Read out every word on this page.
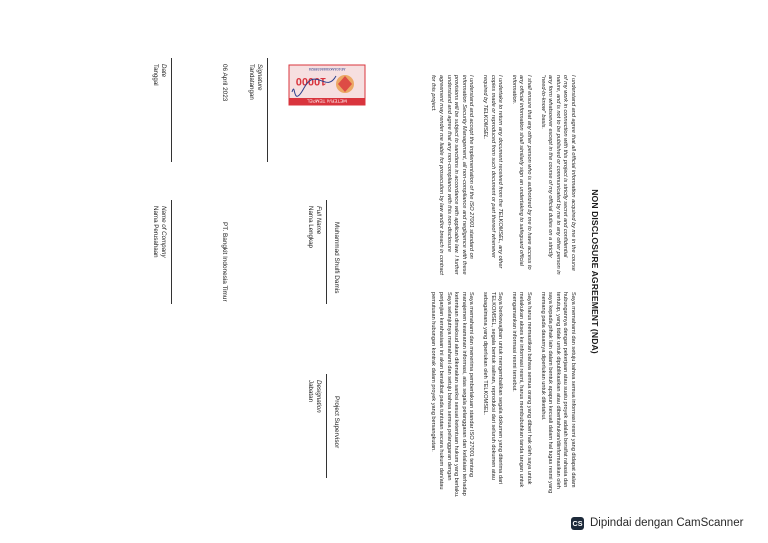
NON DISCLOSURE AGREEMENT (NDA)

I understand and agree that all official information acquired by me in the course of my work in connection with this project is strictly secret and confidential nature, and is not to be published or communicated by me to any other person in any form whatsoever except in the course of my official duties on a strictly "need-to-know" basis.

I shall ensure that any other person who is authorized by me to have access to any official information shall similarly sign an undertaking to safeguard official information.

I undertake to return any document received from the TELKOMSEL, any other copies made or reproduced from such document or part thereof whenever required by TELKOMSEL.

I understand and accept the implementation of the ISO 27001 standard on information Security Management, all non-compliance and negligence with these provisions will be subject to sanctions in accordance with applicable law. I further understand and agree that any non-compliance with this non-disclosure agreement may render me liable for prosecution by law and/or breach in contract for this project.

Saya memahami dan setuju bahwa semua informasi resmi yang didapat dalam hubungannya dengan pekerjaan atau suatu proyek adalah bersifat rahasia dan tertutup, yang tidak untuk dipublikasikan atau diberitahukan/diinformasikan oleh saya kepada pihak lain dalam bentuk apapun kecuali dalam hal tugas resmi yang memang pada dasarnya diperlukan untuk diketahui.

Saya harus memastikan bahwa semua orang yang diberi hak oleh saya untuk melakukan akses ke informasi resmi, harus membubuhkan tanda tangan untuk mengamankan informasi resmi tersebut.

Saya berkewajiban untuk mengembalikan segala dokumen yang diterima dari TELKOMSEL, segala bentuk salinan, reproduksi dari seluruh dokumen atau sebagaimana yang diperlukan oleh TELKOMSEL.

Saya memahami dan menerima pemberlakuan standar ISO 27001 tentang manajemen keamanan informasi, atas segala pelanggaran dan kelalaian terhadap ketentuan dimaksud akan dikenakan sanksi sesuai ketentuan hukum yang berlaku. Saya selanjutnya memahami dan setuju bahwa semua pelanggaran dengan perjanjian kerahasiaan ini akan berakibat pada tuntutan secara hukum dan/atau pemutusan hubungan kontrak dalam proyek yang bersangkutan.

Muhammad Shulfi Damis
Full Name
Nama Lengkap
Project Supervisor
Designation
Jabatan
METERAI TEMPEL
10000
AE4C8AKX888630028
Signature
Tandatangan
PT. Bangkit Indonesia Timur
Name of Company
Nama Perusahaan
06 April 2023
Date
Tanggal
CS Dipindai dengan CamScanner
